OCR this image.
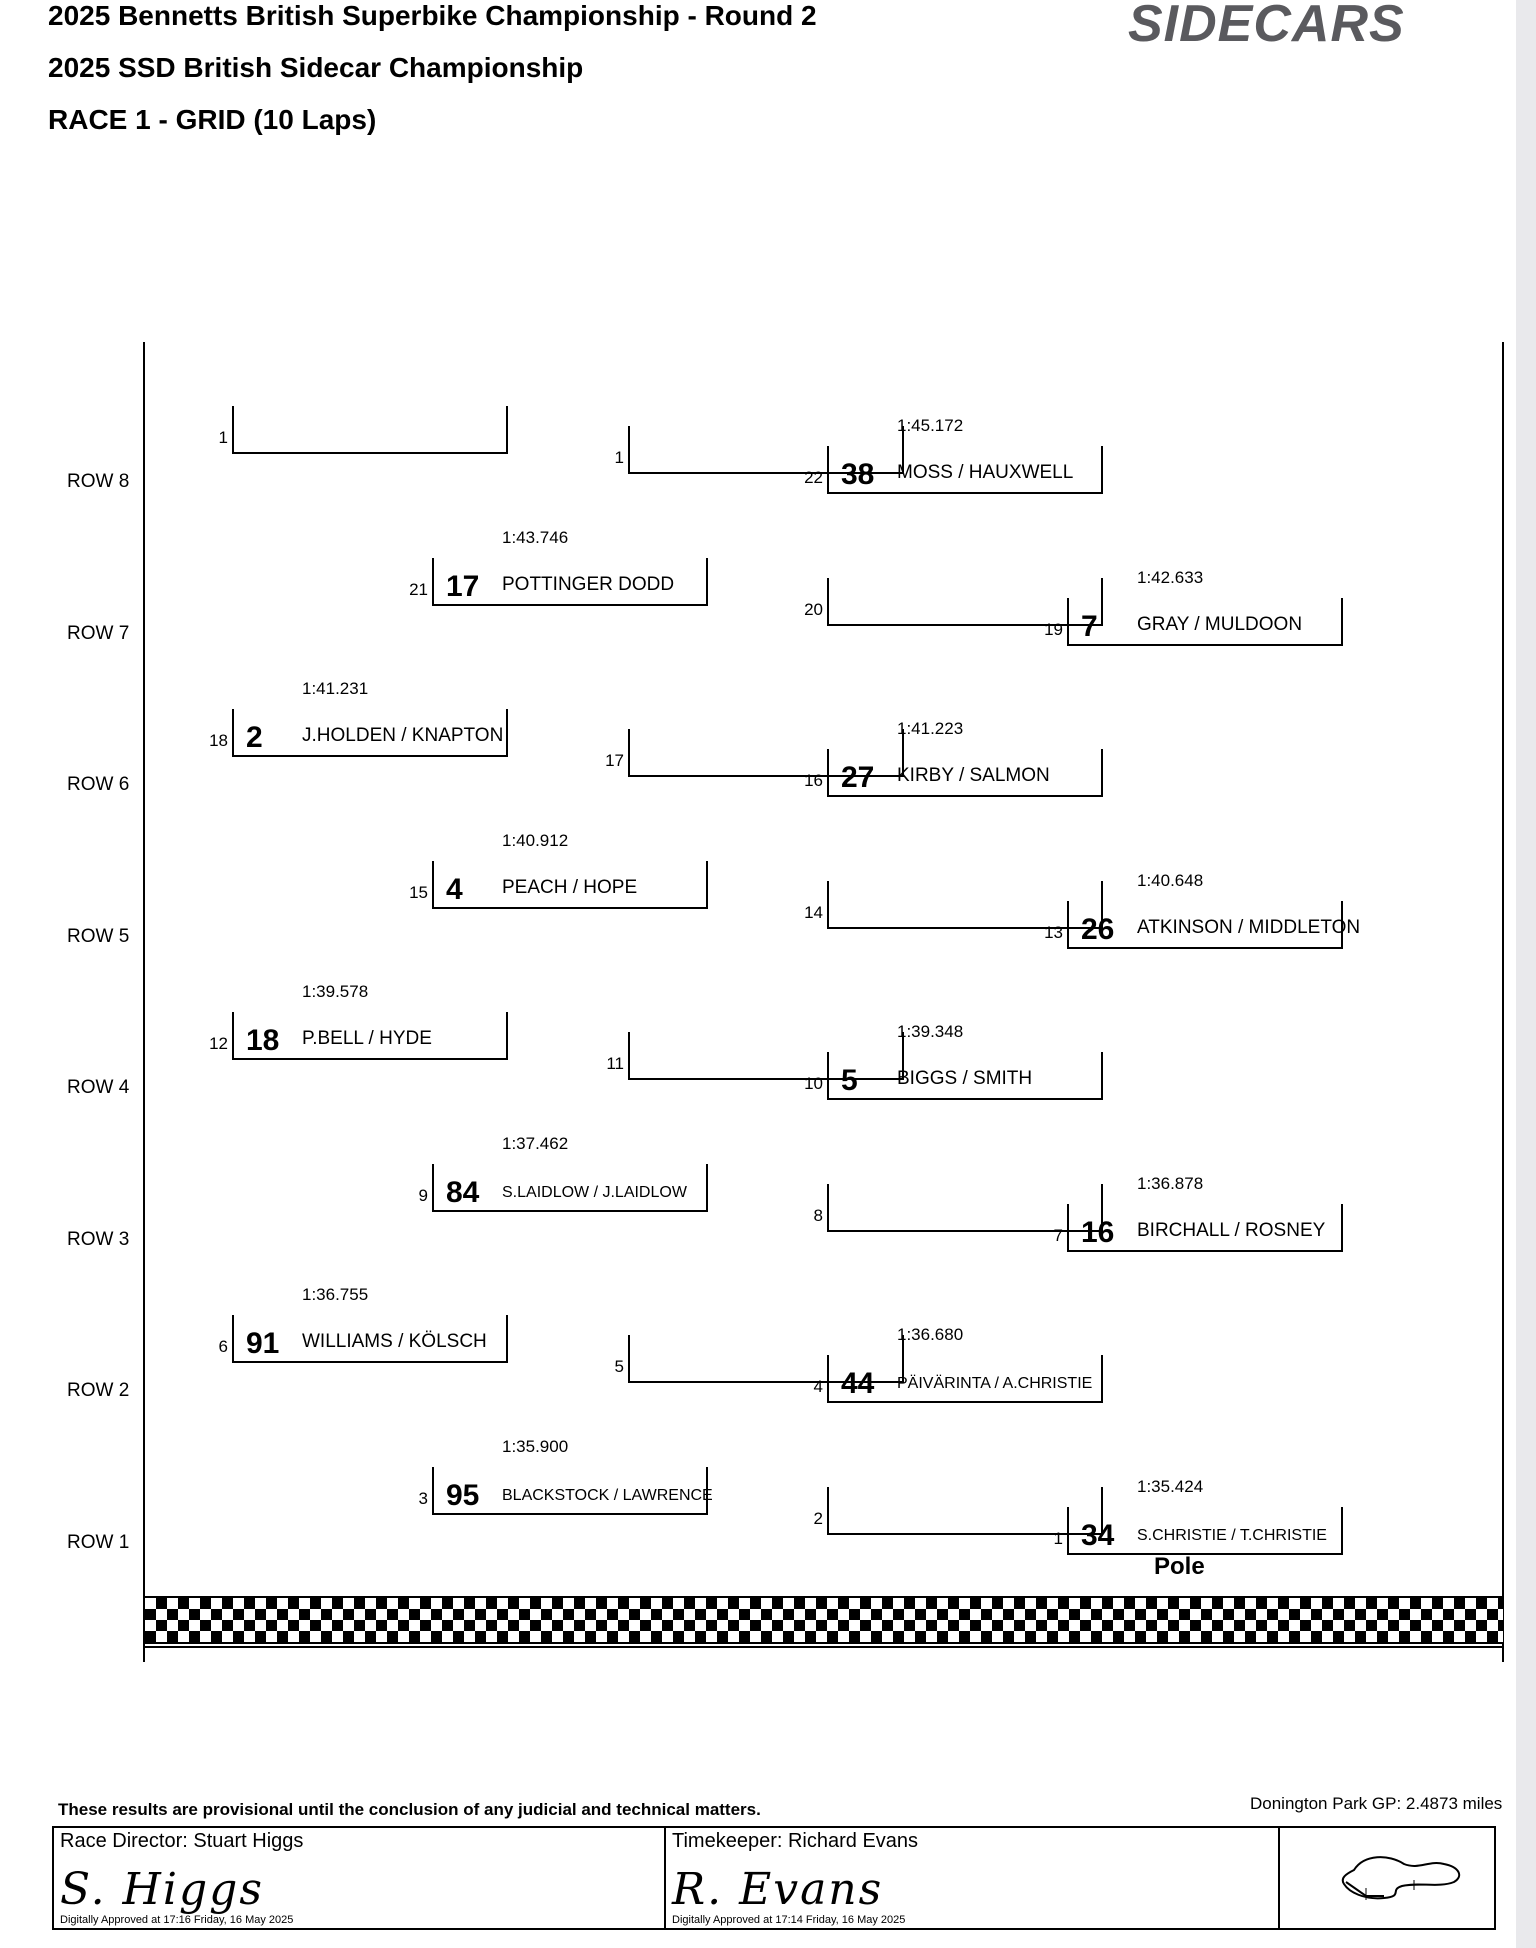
2025 Bennetts British Superbike Championship - Round 2
2025 SSD British Sidecar Championship
RACE 1 - GRID (10 Laps)
SIDECARS
ROW 8
ROW 7
ROW 6
ROW 5
ROW 4
ROW 3
ROW 2
ROW 1
1
1
22 38 MOSS / HAUXWELL
1:45.172
21 17 POTTINGER DODD
1:43.746
20
19 7 GRAY / MULDOON
1:42.633
18 2 J.HOLDEN / KNAPTON
1:41.231
17
16 27 KIRBY / SALMON
1:41.223
15 4 PEACH / HOPE
1:40.912
14
13 26 ATKINSON / MIDDLETON
1:40.648
12 18 P.BELL / HYDE
1:39.578
11
10 5 BIGGS / SMITH
1:39.348
9 84 S.LAIDLOW / J.LAIDLOW
1:37.462
8
7 16 BIRCHALL / ROSNEY
1:36.878
6 91 WILLIAMS / KÖLSCH
1:36.755
5
4 44 PÄIVÄRINTA / A.CHRISTIE
1:36.680
3 95 BLACKSTOCK / LAWRENCE
1:35.900
2
1 34 S.CHRISTIE / T.CHRISTIE
1:35.424
Pole
These results are provisional until the conclusion of any judicial and technical matters.	Donington Park GP: 2.4873 miles
Race Director: Stuart Higgs
S. Higgs
Digitally Approved at 17:16 Friday, 16 May 2025
Timekeeper: Richard Evans
R. Evans
Digitally Approved at 17:14 Friday, 16 May 2025
